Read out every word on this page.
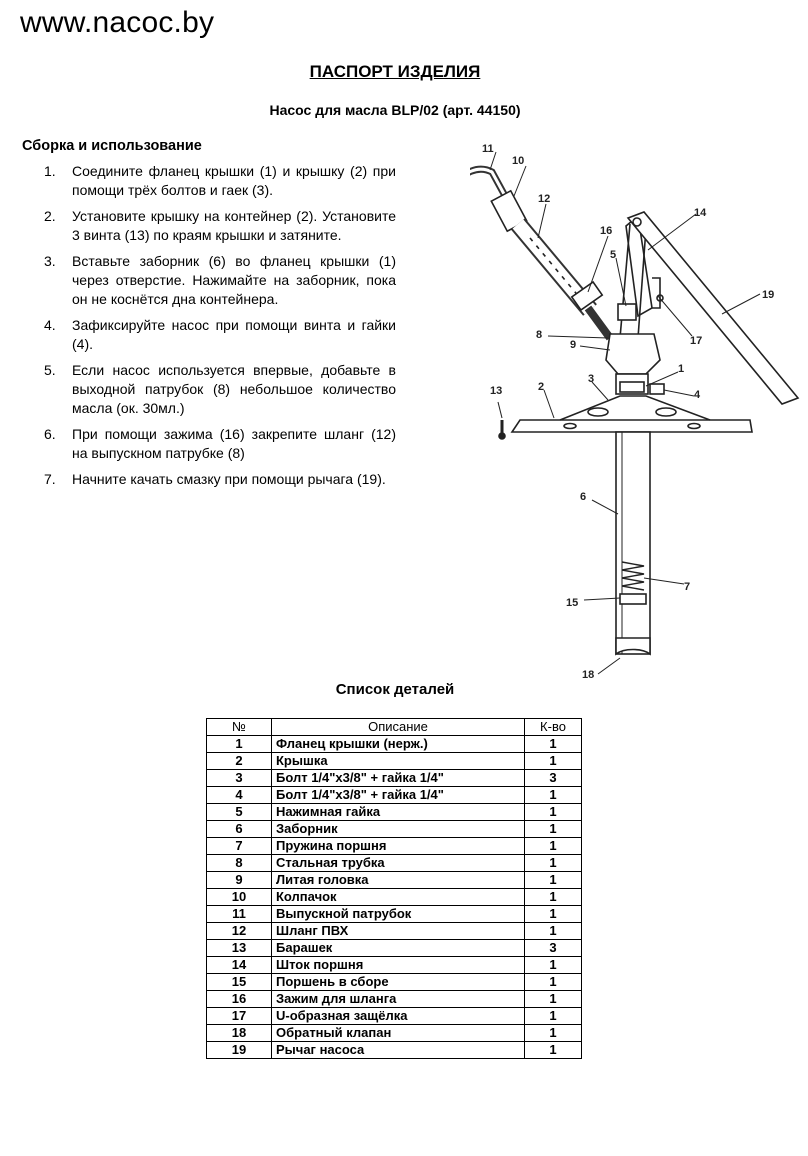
www.nacoc.by
ПАСПОРТ ИЗДЕЛИЯ
Насос для масла BLP/02 (арт. 44150)
Сборка и использование
1. Соедините фланец крышки (1) и крышку (2) при помощи трёх болтов и гаек (3).
2. Установите крышку на контейнер (2). Установите 3 винта (13) по краям крышки и затяните.
3. Вставьте заборник (6) во фланец крышки (1) через отверстие. Нажимайте на заборник, пока он не коснётся дна контейнера.
4. Зафиксируйте насос при помощи винта и гайки (4).
5. Если насос используется впервые, добавьте в выходной патрубок (8) небольшое количество масла (ок. 30мл.)
6. При помощи зажима (16) закрепите шланг (12) на выпускном патрубке (8)
7. Начните качать смазку при помощи рычага (19).
11
10
12
16
14
5
19
8	17
9
1
3
13	2
4
6
7
15
18
Список деталей
№	Описание	К-во
1	Фланец крышки (нерж.)	1
2	Крышка	1
3	Болт 1/4"x3/8" + гайка 1/4"	3
4	Болт 1/4"x3/8" + гайка 1/4"	1
5	Нажимная гайка	1
6	Заборник	1
7	Пружина поршня	1
8	Стальная трубка	1
9	Литая головка	1
10	Колпачок	1
11	Выпускной патрубок	1
12	Шланг ПВХ	1
13	Барашек	3
14	Шток поршня	1
15	Поршень в сборе	1
16	Зажим для шланга	1
17	U-образная защёлка	1
18	Обратный клапан	1
19	Рычаг насоса	1
